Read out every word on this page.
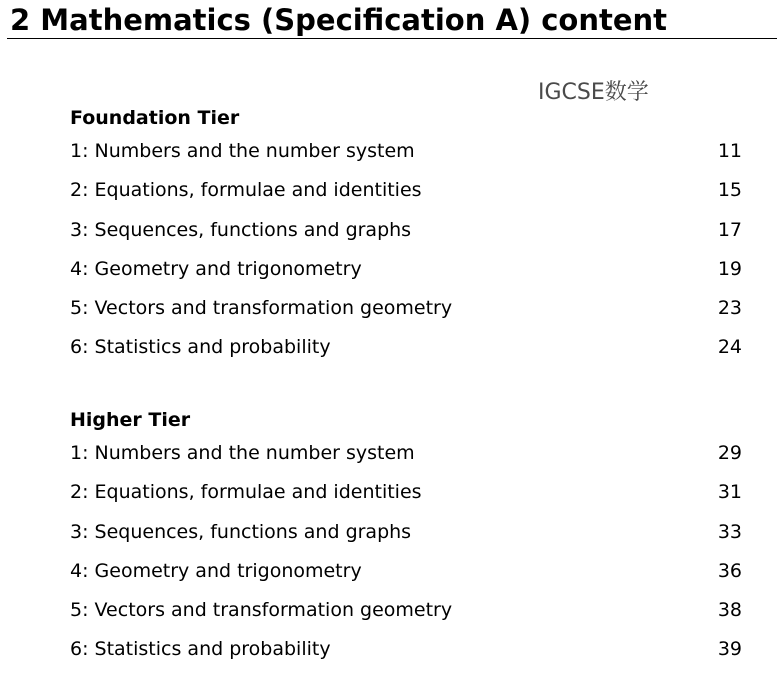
2 Mathematics (Specification A) content
IGCSE数学
Foundation Tier
1: Numbers and the number system	11
2: Equations, formulae and identities	15
3: Sequences, functions and graphs	17
4: Geometry and trigonometry	19
5: Vectors and transformation geometry	23
6: Statistics and probability	24
Higher Tier
1: Numbers and the number system	29
2: Equations, formulae and identities	31
3: Sequences, functions and graphs	33
4: Geometry and trigonometry	36
5: Vectors and transformation geometry	38
6: Statistics and probability	39
